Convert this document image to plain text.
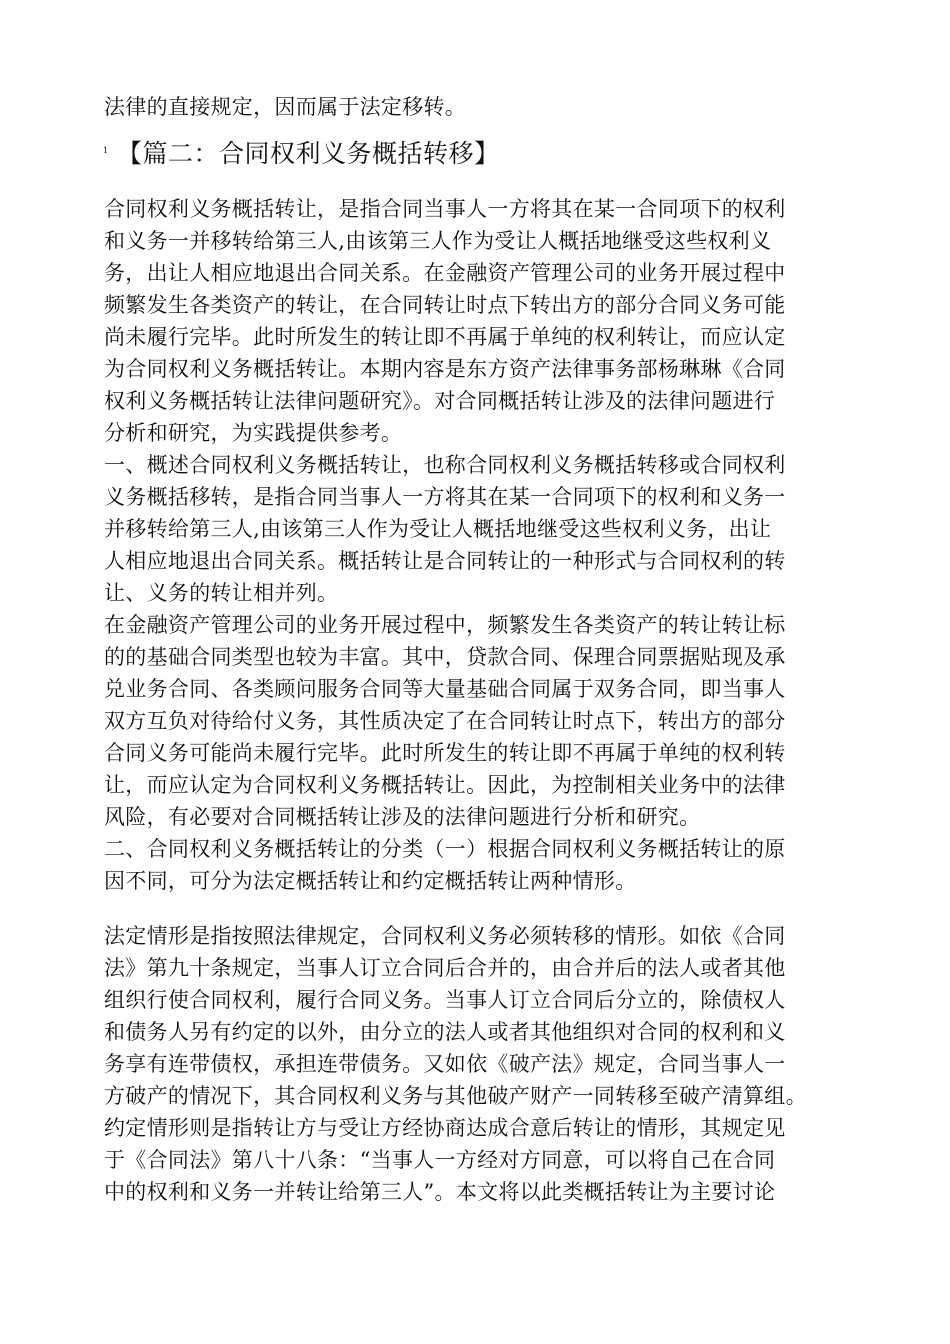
法律的直接规定，因而属于法定移转。
1 【篇二：合同权利义务概括转移】
合同权利义务概括转让，是指合同当事人一方将其在某一合同项下的权利
和义务一并移转给第三人,由该第三人作为受让人概括地继受这些权利义
务，出让人相应地退出合同关系。在金融资产管理公司的业务开展过程中
频繁发生各类资产的转让，在合同转让时点下转出方的部分合同义务可能
尚未履行完毕。此时所发生的转让即不再属于单纯的权利转让，而应认定
为合同权利义务概括转让。本期内容是东方资产法律事务部杨琳琳《合同
权利义务概括转让法律问题研究》。对合同概括转让涉及的法律问题进行
分析和研究，为实践提供参考。
一、概述合同权利义务概括转让，也称合同权利义务概括转移或合同权利
义务概括移转，是指合同当事人一方将其在某一合同项下的权利和义务一
并移转给第三人,由该第三人作为受让人概括地继受这些权利义务，出让
人相应地退出合同关系。概括转让是合同转让的一种形式与合同权利的转
让、义务的转让相并列。
在金融资产管理公司的业务开展过程中，频繁发生各类资产的转让转让标
的的基础合同类型也较为丰富。其中，贷款合同、保理合同票据贴现及承
兑业务合同、各类顾问服务合同等大量基础合同属于双务合同，即当事人
双方互负对待给付义务，其性质决定了在合同转让时点下，转出方的部分
合同义务可能尚未履行完毕。此时所发生的转让即不再属于单纯的权利转
让，而应认定为合同权利义务概括转让。因此，为控制相关业务中的法律
风险，有必要对合同概括转让涉及的法律问题进行分析和研究。
二、合同权利义务概括转让的分类（一）根据合同权利义务概括转让的原
因不同，可分为法定概括转让和约定概括转让两种情形。
法定情形是指按照法律规定，合同权利义务必须转移的情形。如依《合同
法》第九十条规定，当事人订立合同后合并的，由合并后的法人或者其他
组织行使合同权利，履行合同义务。当事人订立合同后分立的，除债权人
和债务人另有约定的以外，由分立的法人或者其他组织对合同的权利和义
务享有连带债权，承担连带债务。又如依《破产法》规定，合同当事人一
方破产的情况下，其合同权利义务与其他破产财产一同转移至破产清算组。
约定情形则是指转让方与受让方经协商达成合意后转让的情形，其规定见
于《合同法》第八十八条：“当事人一方经对方同意，可以将自己在合同
中的权利和义务一并转让给第三人”。本文将以此类概括转让为主要讨论
